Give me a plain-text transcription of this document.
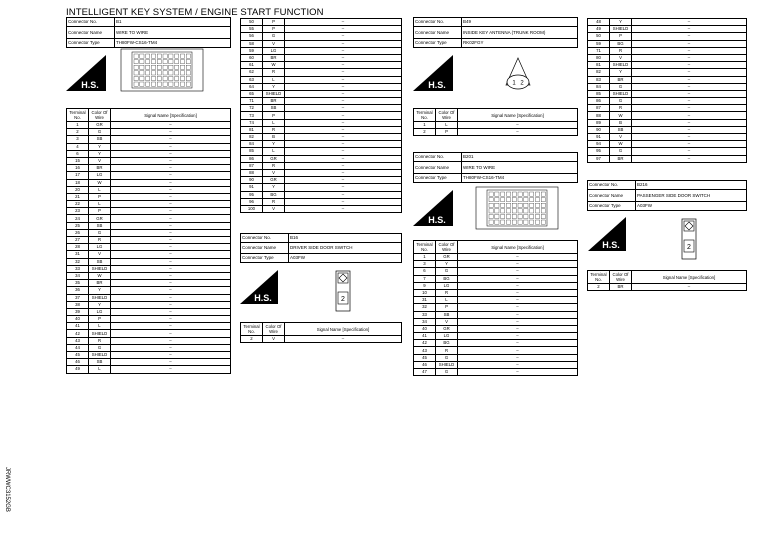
INTELLIGENT KEY SYSTEM / ENGINE START FUNCTION
JRWWC3152GB
Connector No.	B1
Connector Name	WIRE TO WIRE
Connector Type	TH80FW-CS16-TM4
H.S.
Terminal No.	Color Of Wire	Signal Name [Specification]
1	GR	–
2	G	–
3	SB	–
4	Y	–
6	Y	–
15	V	–
16	BR	–
17	LG	–
18	W	–
20	L	–
21	P	–
22	L	–
23	P	–
24	GR	–
25	SB	–
26	G	–
27	R	–
28	LG	–
31	V	–
32	SB	–
33	SHIELD	–
34	W	–
35	BR	–
36	Y	–
37	SHIELD	–
38	Y	–
39	LG	–
40	P	–
41	L	–
42	SHIELD	–
43	R	–
44	G	–
45	SHIELD	–
46	SB	–
49	L	–
50	P	–
55	P	–
56	G	–
58	V	–
59	LG	–
60	BR	–
61	W	–
62	R	–
63	L	–
64	Y	–
65	SHIELD	–
71	BR	–
72	SB	–
73	P	–
74	L	–
81	R	–
82	B	–
84	Y	–
85	L	–
86	GR	–
87	R	–
88	V	–
90	GR	–
91	Y	–
95	BG	–
96	R	–
100	V	–
Connector No.	B16
Connector Name	DRIVER SIDE DOOR SWITCH
Connector Type	A03FW
H.S.	2
Terminal No.	Color Of Wire	Signal Name [Specification]
2	V	–
Connector No.	B49
Connector Name	INSIDE KEY ANTENNA (TRUNK ROOM)
Connector Type	RK02FGY
H.S.	1 2
Terminal No.	Color Of Wire	Signal Name [Specification]
1	L	–
2	P	–
Connector No.	B201
Connector Name	WIRE TO WIRE
Connector Type	TH80FW-CS16-TM4
H.S.
Terminal No.	Color Of Wire	Signal Name [Specification]
1	GR	–
3	Y	–
6	G	–
7	BG	–
9	LG	–
10	R	–
31	L	–
32	P	–
33	SB	–
34	V	–
40	GR	–
41	LG	–
42	BG	–
43	R	–
45	G	–
46	SHIELD	–
47	G	–
48	Y	–
49	SHIELD	–
50	P	–
59	BG	–
71	R	–
80	V	–
81	SHIELD	–
82	Y	–
83	BR	–
84	G	–
85	SHIELD	–
86	G	–
87	R	–
88	W	–
89	B	–
90	SB	–
91	V	–
94	W	–
95	G	–
97	BR	–
Connector No.	B216
Connector Name	PASSENGER SIDE DOOR SWITCH
Connector Type	A03FW
H.S.	2
Terminal No.	Color Of Wire	Signal Name [Specification]
2	BR	–
